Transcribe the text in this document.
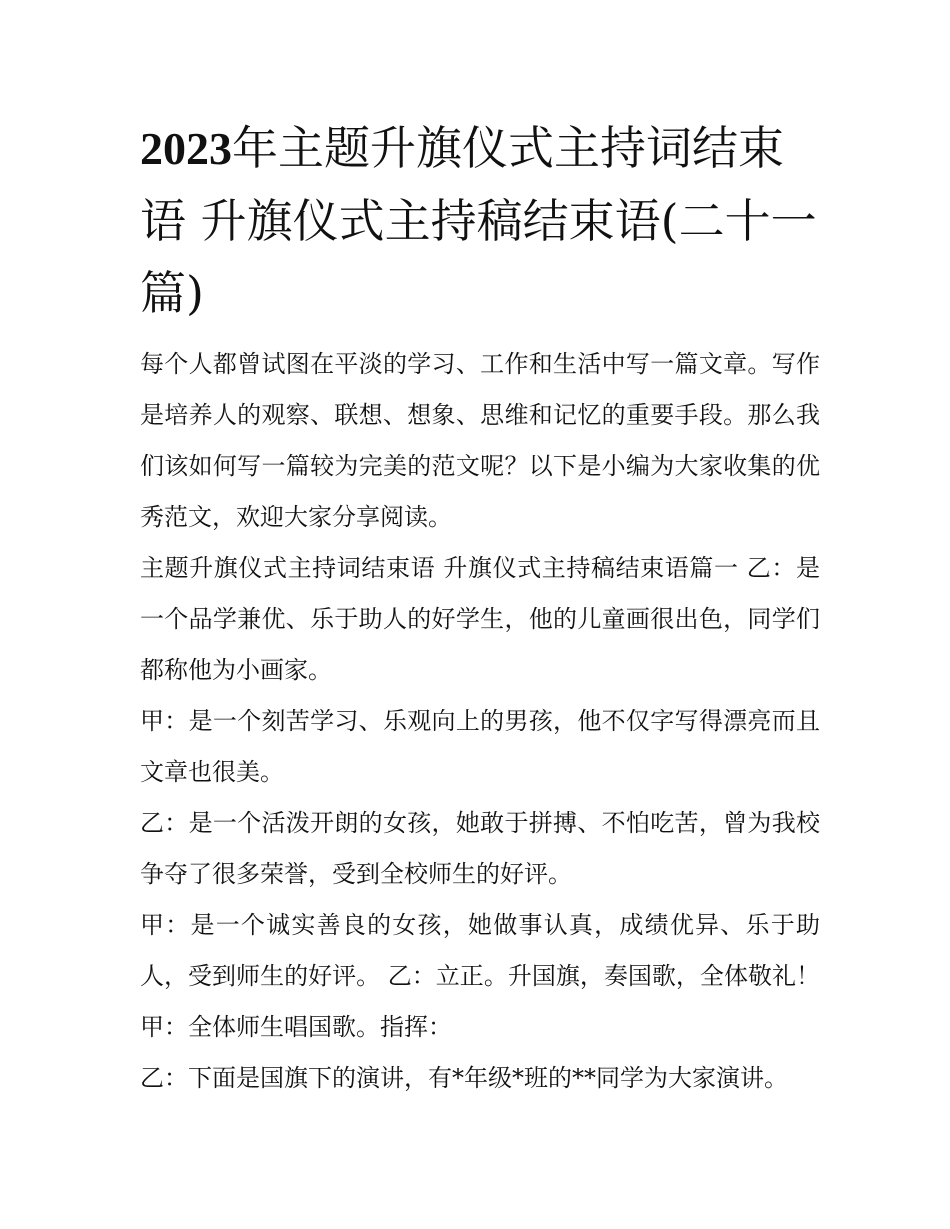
2023年主题升旗仪式主持词结束语 升旗仪式主持稿结束语(二十一篇)

每个人都曾试图在平淡的学习、工作和生活中写一篇文章。写作是培养人的观察、联想、想象、思维和记忆的重要手段。那么我们该如何写一篇较为完美的范文呢？以下是小编为大家收集的优秀范文，欢迎大家分享阅读。

主题升旗仪式主持词结束语 升旗仪式主持稿结束语篇一 乙：是一个品学兼优、乐于助人的好学生，他的儿童画很出色，同学们都称他为小画家。

甲：是一个刻苦学习、乐观向上的男孩，他不仅字写得漂亮而且文章也很美。

乙：是一个活泼开朗的女孩，她敢于拼搏、不怕吃苦，曾为我校争夺了很多荣誉，受到全校师生的好评。

甲：是一个诚实善良的女孩，她做事认真，成绩优异、乐于助人，受到师生的好评。 乙：立正。升国旗，奏国歌，全体敬礼！ 甲：全体师生唱国歌。指挥：

乙：下面是国旗下的演讲，有*年级*班的**同学为大家演讲。
